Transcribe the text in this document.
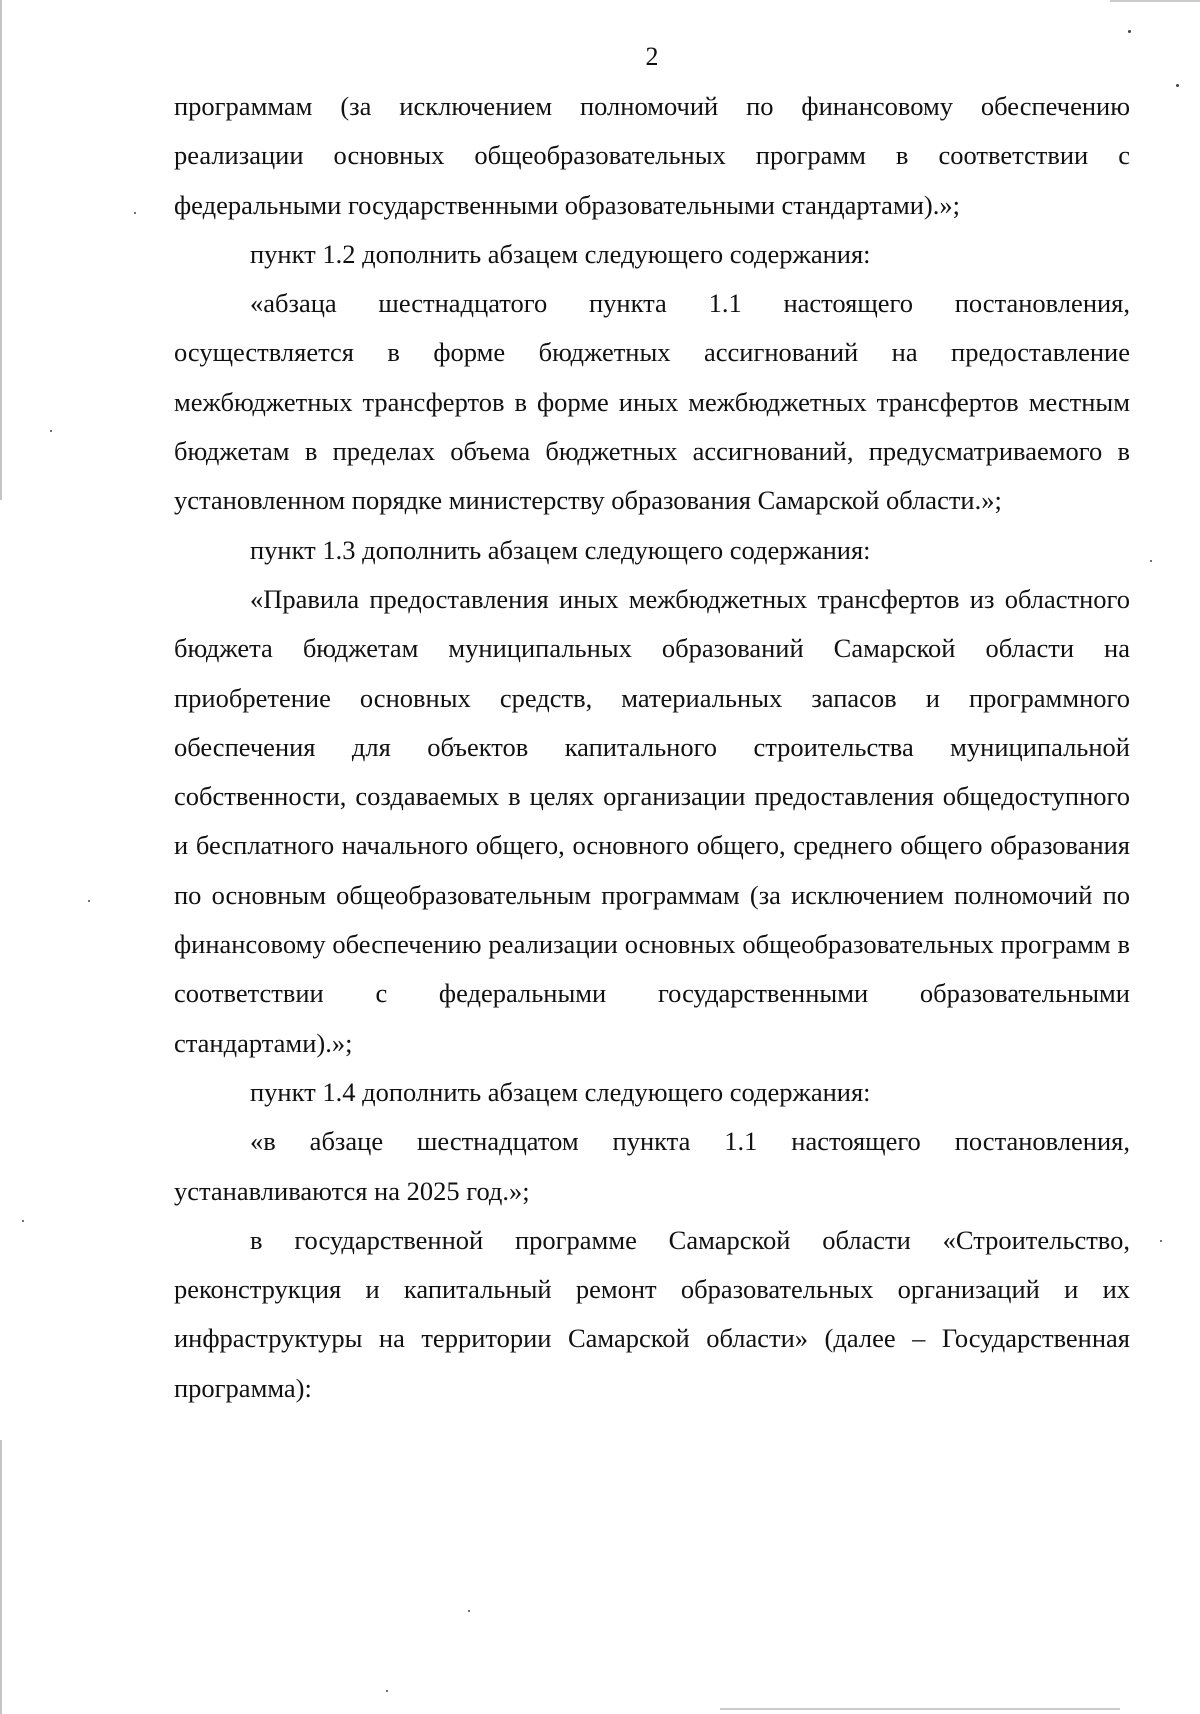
2

программам (за исключением полномочий по финансовому обеспечению реализации основных общеобразовательных программ в соответствии с федеральными государственными образовательными стандартами).»;

пункт 1.2 дополнить абзацем следующего содержания:

«абзаца шестнадцатого пункта 1.1 настоящего постановления, осуществляется в форме бюджетных ассигнований на предоставление межбюджетных трансфертов в форме иных межбюджетных трансфертов местным бюджетам в пределах объема бюджетных ассигнований, предусматриваемого в установленном порядке министерству образования Самарской области.»;

пункт 1.3 дополнить абзацем следующего содержания:

«Правила предоставления иных межбюджетных трансфертов из областного бюджета бюджетам муниципальных образований Самарской области на приобретение основных средств, материальных запасов и программного обеспечения для объектов капитального строительства муниципальной собственности, создаваемых в целях организации предоставления общедоступного и бесплатного начального общего, основного общего, среднего общего образования по основным общеобразовательным программам (за исключением полномочий по финансовому обеспечению реализации основных общеобразовательных программ в соответствии с федеральными государственными образовательными стандартами).»;

пункт 1.4 дополнить абзацем следующего содержания:

«в абзаце шестнадцатом пункта 1.1 настоящего постановления, устанавливаются на 2025 год.»;

в государственной программе Самарской области «Строительство, реконструкция и капитальный ремонт образовательных организаций и их инфраструктуры на территории Самарской области» (далее – Государственная программа):
